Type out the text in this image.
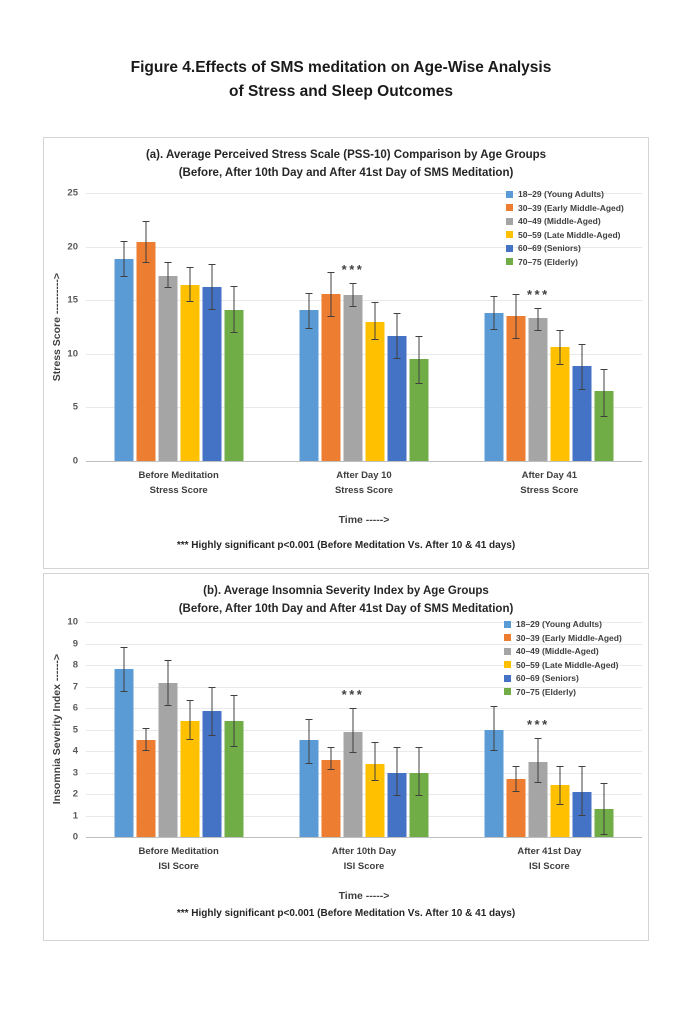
Figure 4.Effects of SMS meditation on Age-Wise Analysis
of Stress and Sleep Outcomes
(a). Average Perceived Stress Scale (PSS-10) Comparison by Age Groups
(Before, After 10th Day and After 41st Day of SMS Meditation)
Stress Score ---------->
0
5
10
15
20
25
Before Meditation
Stress Score
After Day 10
Stress Score
After Day 41
Stress Score
***
***
18–29 (Young Adults)
30–39 (Early Middle-Aged)
40–49 (Middle-Aged)
50–59 (Late Middle-Aged)
60–69 (Seniors)
70–75 (Elderly)
Time ----->
*** Highly significant p<0.001 (Before Meditation Vs. After 10 & 41 days)
(b). Average Insomnia Severity Index by Age Groups
(Before, After 10th Day and After 41st Day of SMS Meditation)
Insomnia Severity Index ------>
0
1
2
3
4
5
6
7
8
9
10
Before Meditation
ISI Score
After 10th Day
ISI Score
After 41st Day
ISI Score
***
***
18–29 (Young Adults)
30–39 (Early Middle-Aged)
40–49 (Middle-Aged)
50–59 (Late Middle-Aged)
60–69 (Seniors)
70–75 (Elderly)
Time ----->
*** Highly significant p<0.001 (Before Meditation Vs. After 10 & 41 days)
